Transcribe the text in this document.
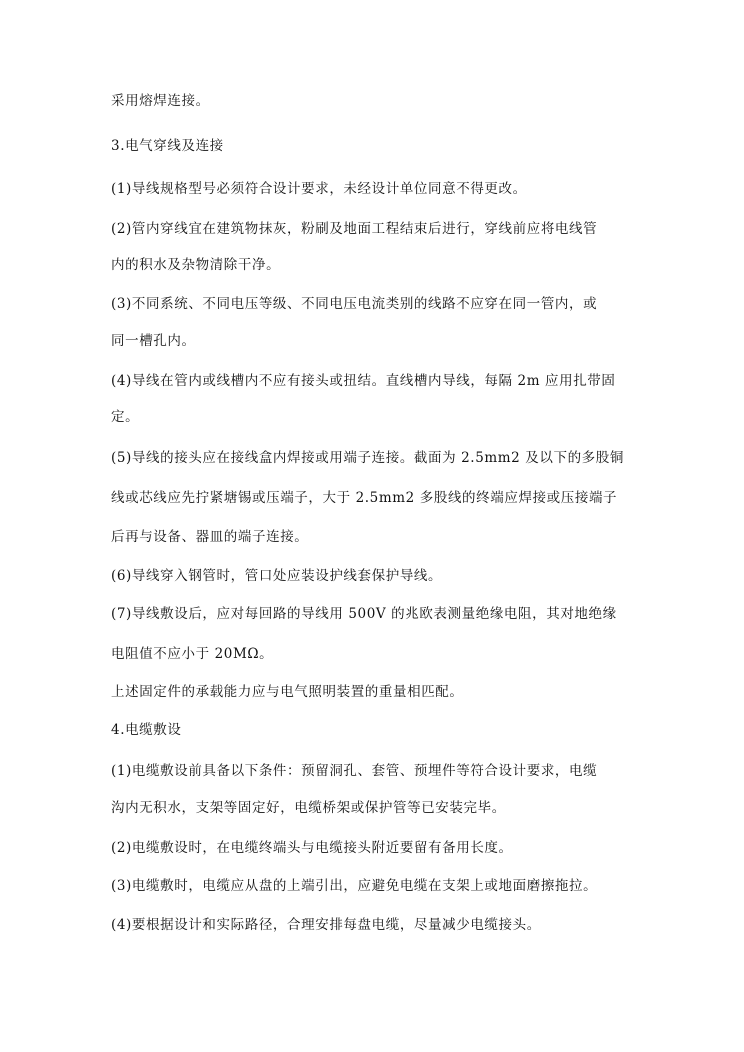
采用熔焊连接。
3.电气穿线及连接
(1)导线规格型号必须符合设计要求，未经设计单位同意不得更改。
(2)管内穿线宜在建筑物抹灰，粉刷及地面工程结束后进行，穿线前应将电线管
内的积水及杂物清除干净。
(3)不同系统、不同电压等级、不同电压电流类别的线路不应穿在同一管内，或
同一槽孔内。
(4)导线在管内或线槽内不应有接头或扭结。直线槽内导线，每隔 2m 应用扎带固
定。
(5)导线的接头应在接线盒内焊接或用端子连接。截面为 2.5mm2 及以下的多股铜
线或芯线应先拧紧塘锡或压端子，大于 2.5mm2 多股线的终端应焊接或压接端子
后再与设备、器皿的端子连接。
(6)导线穿入钢管时，管口处应装设护线套保护导线。
(7)导线敷设后，应对每回路的导线用 500V 的兆欧表测量绝缘电阻，其对地绝缘
电阻值不应小于 20MΩ。
上述固定件的承载能力应与电气照明装置的重量相匹配。
4.电缆敷设
(1)电缆敷设前具备以下条件：预留洞孔、套管、预埋件等符合设计要求，电缆
沟内无积水，支架等固定好，电缆桥架或保护管等已安装完毕。
(2)电缆敷设时，在电缆终端头与电缆接头附近要留有备用长度。
(3)电缆敷时，电缆应从盘的上端引出，应避免电缆在支架上或地面磨擦拖拉。
(4)要根据设计和实际路径，合理安排每盘电缆，尽量减少电缆接头。
